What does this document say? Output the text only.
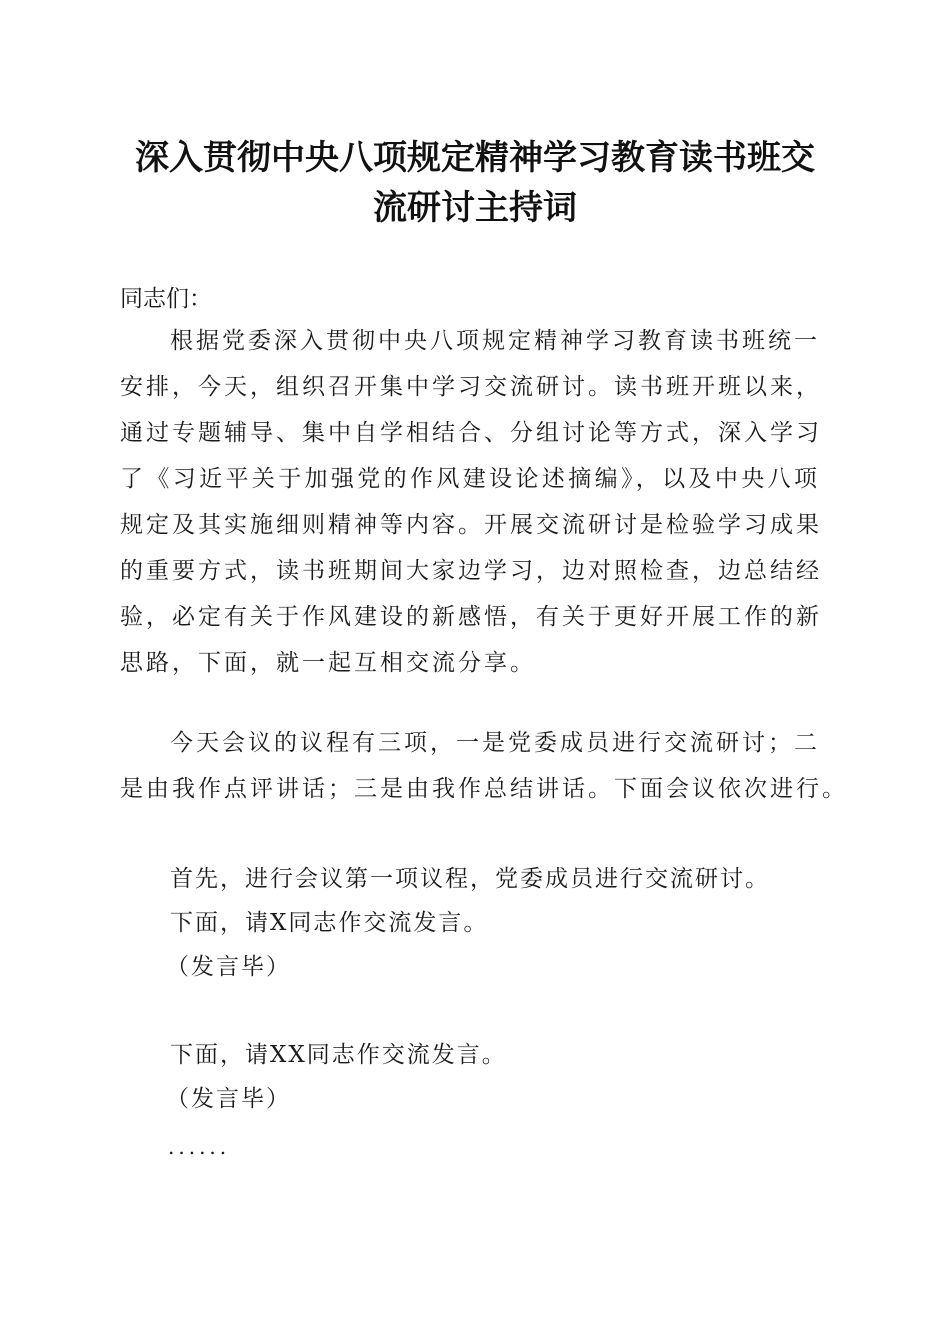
深入贯彻中央八项规定精神学习教育读书班交
流研讨主持词
同志们：
根据党委深入贯彻中央八项规定精神学习教育读书班统一
安排，今天，组织召开集中学习交流研讨。读书班开班以来，
通过专题辅导、集中自学相结合、分组讨论等方式，深入学习
了《习近平关于加强党的作风建设论述摘编》，以及中央八项
规定及其实施细则精神等内容。开展交流研讨是检验学习成果
的重要方式，读书班期间大家边学习，边对照检查，边总结经
验，必定有关于作风建设的新感悟，有关于更好开展工作的新
思路，下面，就一起互相交流分享。
今天会议的议程有三项，一是党委成员进行交流研讨；二
是由我作点评讲话；三是由我作总结讲话。下面会议依次进行。
首先，进行会议第一项议程，党委成员进行交流研讨。
下面，请X同志作交流发言。
（发言毕）
下面，请XX同志作交流发言。
（发言毕）
......
